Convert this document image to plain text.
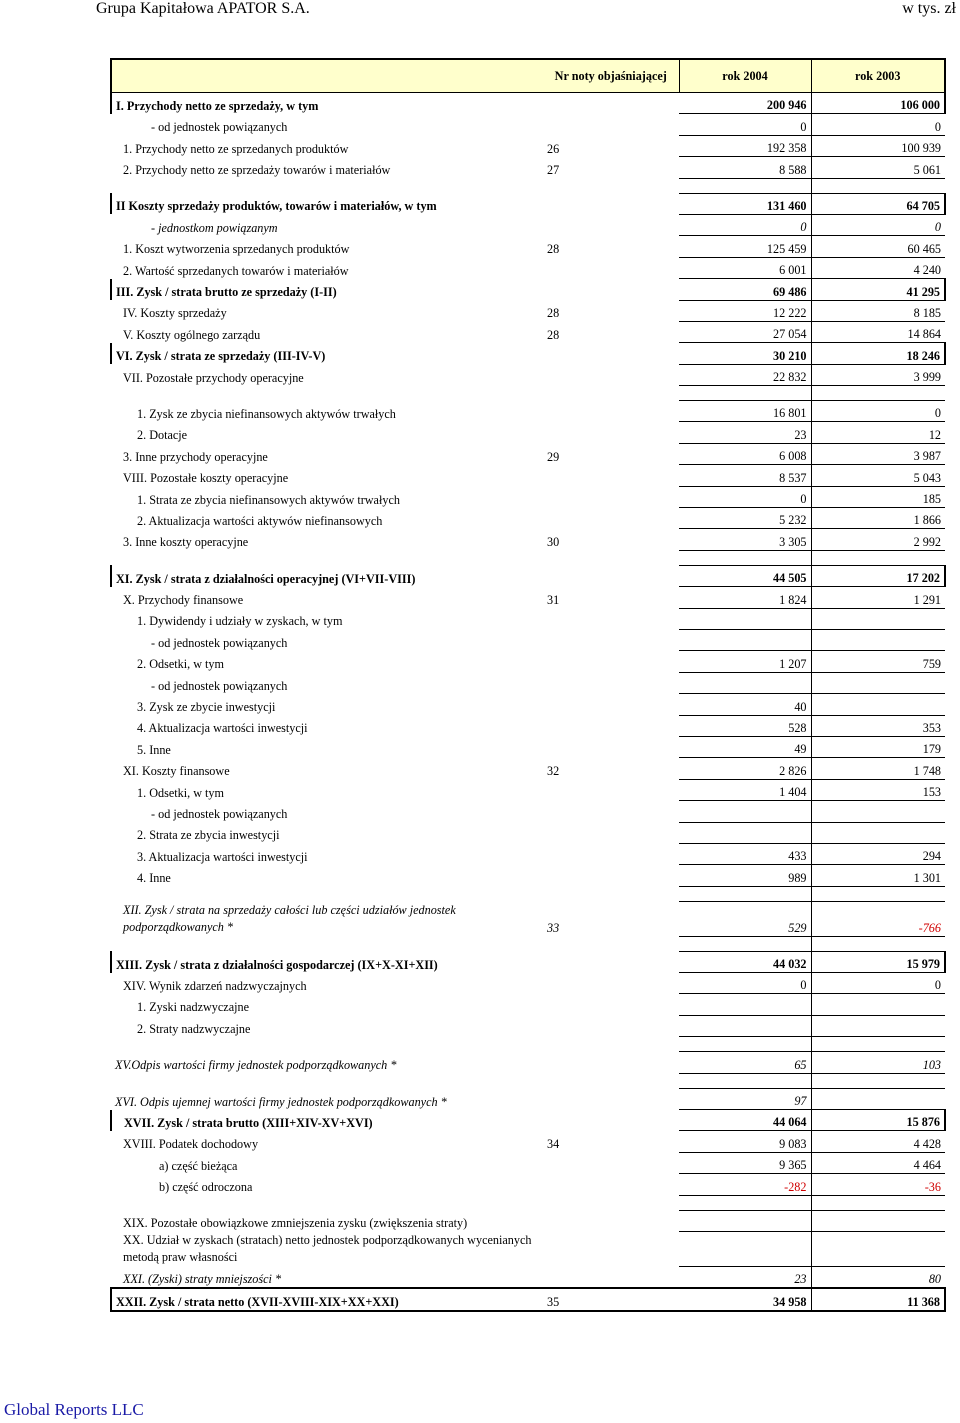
Grupa Kapitałowa APATOR S.A.	w tys. zł
	Nr noty objaśniającej	rok 2004	rok 2003
I. Przychody netto ze sprzedaży, w tym		200 946	106 000
- od jednostek powiązanych		0	0
1. Przychody netto ze sprzedanych produktów	26	192 358	100 939
2. Przychody netto ze sprzedaży towarów i materiałów	27	8 588	5 061

II Koszty sprzedaży produktów, towarów i materiałów, w tym		131 460	64 705
- jednostkom powiązanym		0	0
1. Koszt wytworzenia sprzedanych produktów	28	125 459	60 465
2. Wartość sprzedanych towarów i materiałów		6 001	4 240
III. Zysk / strata brutto ze sprzedaży (I-II)		69 486	41 295
IV. Koszty sprzedaży	28	12 222	8 185
V. Koszty ogólnego zarządu	28	27 054	14 864
VI. Zysk / strata ze sprzedaży (III-IV-V)		30 210	18 246
VII. Pozostałe przychody operacyjne		22 832	3 999

1. Zysk ze zbycia niefinansowych aktywów trwałych		16 801	0
2. Dotacje		23	12
3. Inne przychody operacyjne	29	6 008	3 987
VIII. Pozostałe koszty operacyjne		8 537	5 043
1. Strata ze zbycia niefinansowych aktywów trwałych		0	185
2. Aktualizacja wartości aktywów niefinansowych		5 232	1 866
3. Inne koszty operacyjne	30	3 305	2 992

XI. Zysk / strata z działalności operacyjnej (VI+VII-VIII)		44 505	17 202
X. Przychody finansowe	31	1 824	1 291
1. Dywidendy i udziały w zyskach, w tym			
- od jednostek powiązanych			
2. Odsetki, w tym		1 207	759
- od jednostek powiązanych			
3. Zysk ze zbycie inwestycji		40	
4. Aktualizacja wartości inwestycji		528	353
5. Inne		49	179
XI. Koszty finansowe	32	2 826	1 748
1. Odsetki, w tym		1 404	153
- od jednostek powiązanych			
2. Strata ze zbycia inwestycji			
3. Aktualizacja wartości inwestycji		433	294
4. Inne		989	1 301

XII. Zysk / strata na sprzedaży całości lub części udziałów jednostek podporządkowanych *	33	529	-766

XIII. Zysk / strata z działalności gospodarczej (IX+X-XI+XII)		44 032	15 979
XIV. Wynik zdarzeń nadzwyczajnych		0	0
1. Zyski nadzwyczajne			
2. Straty nadzwyczajne			

XV.Odpis wartości firmy jednostek podporządkowanych *		65	103

XVI. Odpis ujemnej wartości firmy jednostek podporządkowanych *		97	
XVII. Zysk / strata brutto (XIII+XIV-XV+XVI)		44 064	15 876
XVIII. Podatek dochodowy	34	9 083	4 428
a) część bieżąca		9 365	4 464
b) część odroczona		-282	-36

XIX. Pozostałe obowiązkowe zmniejszenia zysku (zwiększenia straty)			
XX. Udział w zyskach (stratach) netto jednostek podporządkowanych wycenianych metodą praw własności			
XXI. (Zyski) straty mniejszości *		23	80
XXII. Zysk / strata netto (XVII-XVIII-XIX+XX+XXI)	35	34 958	11 368
Global Reports LLC
